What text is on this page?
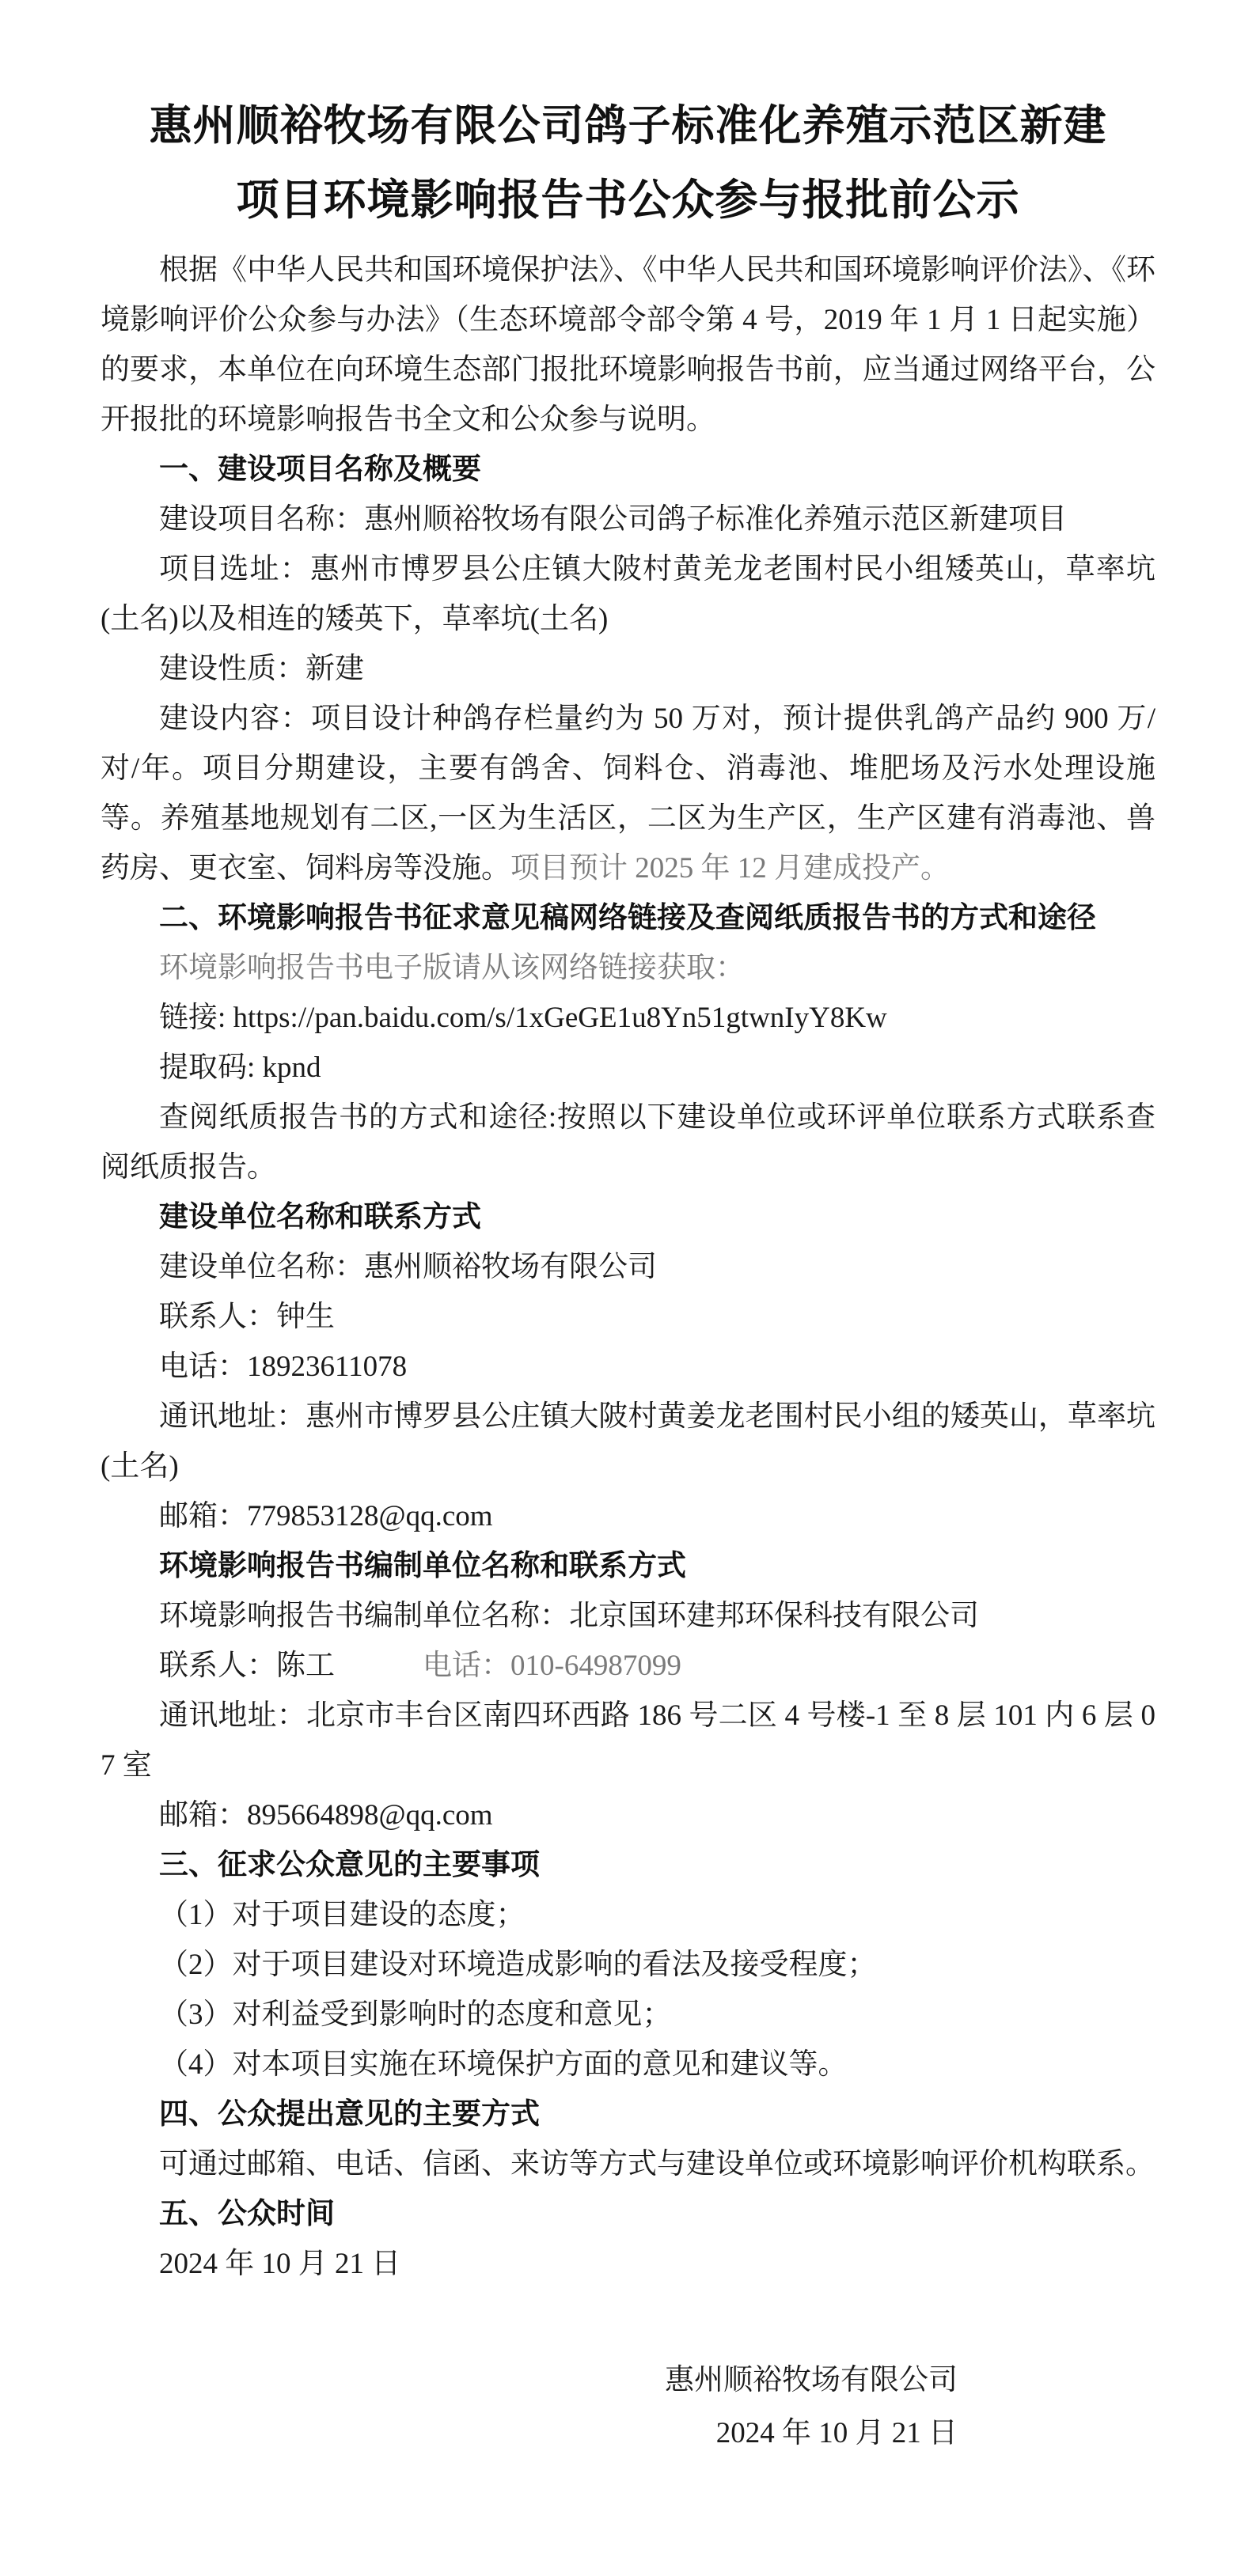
惠州顺裕牧场有限公司鸽子标准化养殖示范区新建
项目环境影响报告书公众参与报批前公示

根据《中华人民共和国环境保护法》、《中华人民共和国环境影响评价法》、《环境影响评价公众参与办法》（生态环境部令部令第 4 号，2019 年 1 月 1 日起实施）的要求，本单位在向环境生态部门报批环境影响报告书前，应当通过网络平台，公开报批的环境影响报告书全文和公众参与说明。

一、建设项目名称及概要

建设项目名称：惠州顺裕牧场有限公司鸽子标准化养殖示范区新建项目

项目选址：惠州市博罗县公庄镇大陂村黄羌龙老围村民小组矮英山，草率坑(土名)以及相连的矮英下，草率坑(土名)

建设性质：新建

建设内容：项目设计种鸽存栏量约为 50 万对，预计提供乳鸽产品约 900 万/对/年。项目分期建设，主要有鸽舍、饲料仓、消毒池、堆肥场及污水处理设施等。养殖基地规划有二区,一区为生活区，二区为生产区，生产区建有消毒池、兽药房、更衣室、饲料房等没施。项目预计 2025 年 12 月建成投产。

二、环境影响报告书征求意见稿网络链接及查阅纸质报告书的方式和途径

环境影响报告书电子版请从该网络链接获取：

链接: https://pan.baidu.com/s/1xGeGE1u8Yn51gtwnIyY8Kw

提取码: kpnd

查阅纸质报告书的方式和途径:按照以下建设单位或环评单位联系方式联系查阅纸质报告。

建设单位名称和联系方式

建设单位名称：惠州顺裕牧场有限公司

联系人：钟生

电话：18923611078

通讯地址：惠州市博罗县公庄镇大陂村黄姜龙老围村民小组的矮英山，草率坑(土名)

邮箱：779853128@qq.com

环境影响报告书编制单位名称和联系方式

环境影响报告书编制单位名称：北京国环建邦环保科技有限公司

联系人：陈工　　　电话：010-64987099

通讯地址：北京市丰台区南四环西路 186 号二区 4 号楼-1 至 8 层 101 内 6 层 07 室

邮箱：895664898@qq.com

三、征求公众意见的主要事项

（1）对于项目建设的态度；

（2）对于项目建设对环境造成影响的看法及接受程度；

（3）对利益受到影响时的态度和意见；

（4）对本项目实施在环境保护方面的意见和建议等。

四、公众提出意见的主要方式

可通过邮箱、电话、信函、来访等方式与建设单位或环境影响评价机构联系。

五、公众时间

2024 年 10 月 21 日

惠州顺裕牧场有限公司
2024 年 10 月 21 日
